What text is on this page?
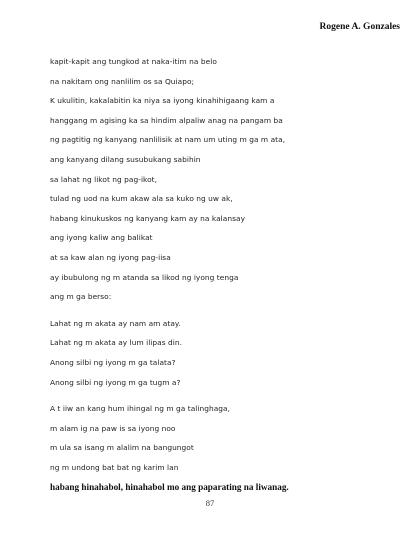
Rogene A. Gonzales
kapit-kapit ang tungkod at naka-itim na belo
na nakitam ong nanlilim os sa Quiapo;
K ukulitin, kakalabitin ka niya sa iyong kinahihigaang kam a
hanggang m agising ka sa hindim alpaliw anag na pangam ba
ng pagtitig ng kanyang nanlilisik at nam um uting m ga m ata,
ang kanyang dilang susubukang sabihin
sa lahat ng likot ng pag-ikot,
tulad ng uod na kum akaw ala sa kuko ng uw ak,
habang kinukuskos ng kanyang kam ay na kalansay
ang iyong kaliw ang balikat
at sa kaw alan ng iyong pag-iisa
ay ibubulong ng m atanda sa likod ng iyong tenga
ang m ga berso:
Lahat ng m akata ay nam am atay.
Lahat ng m akata ay lum ilipas din.
Anong silbi ng iyong m ga talata?
Anong silbi ng iyong m ga tugm a?
A t iiw an kang hum ihingal ng m ga talinghaga,
m alam ig na paw is sa iyong noo
m ula sa isang m alalim na bangungot
ng m undong bat bat ng karim lan
habang hinahabol, hinahabol mo ang paparating na liwanag.
87
